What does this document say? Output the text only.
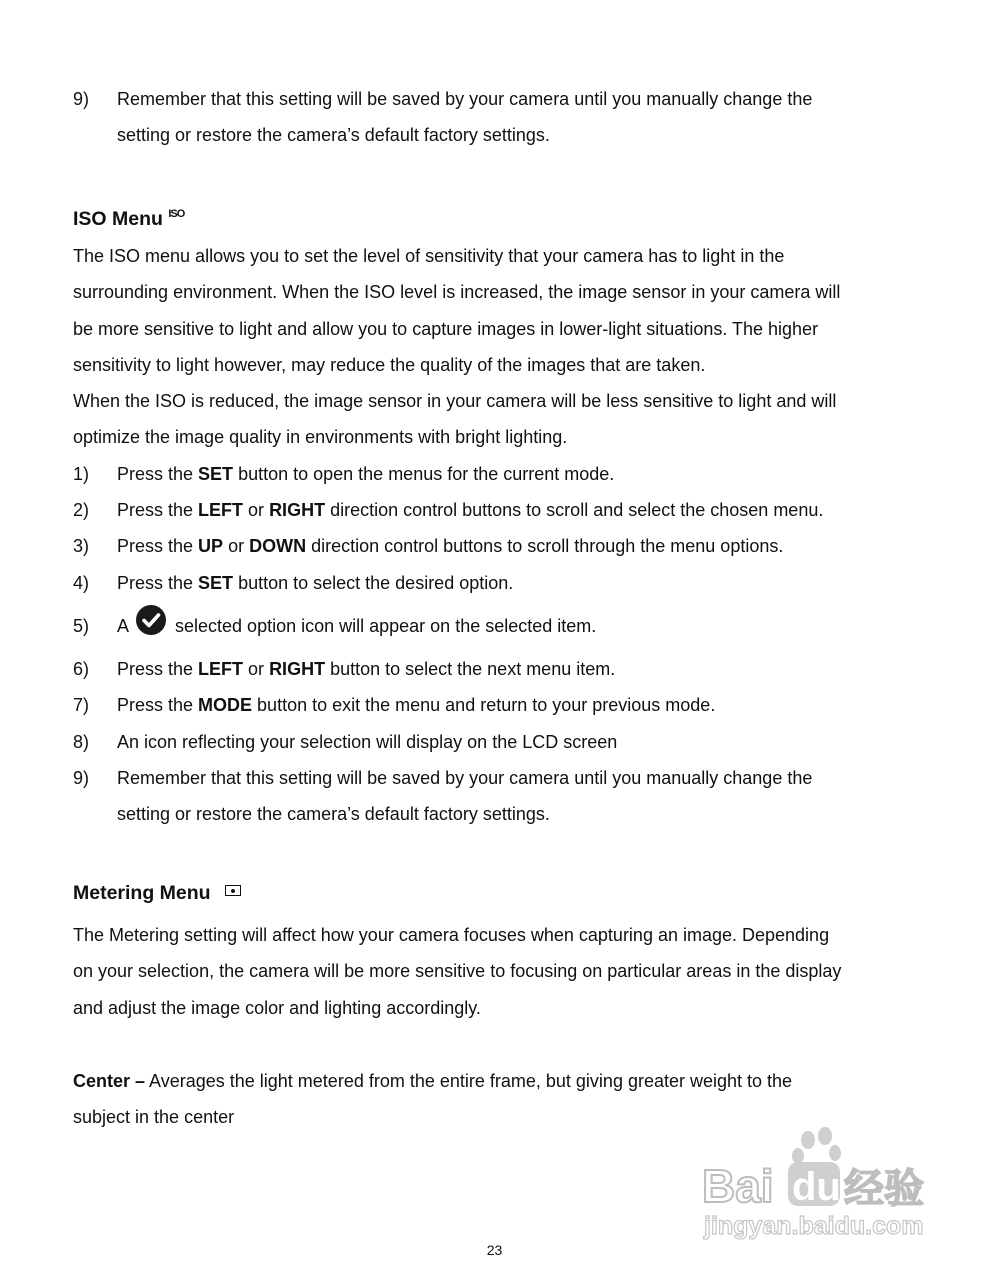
9) Remember that this setting will be saved by your camera until you manually change the
setting or restore the camera’s default factory settings.
ISO Menu $^{ISO}$
The ISO menu allows you to set the level of sensitivity that your camera has to light in the
surrounding environment. When the ISO level is increased, the image sensor in your camera will
be more sensitive to light and allow you to capture images in lower-light situations. The higher
sensitivity to light however, may reduce the quality of the images that are taken.
When the ISO is reduced, the image sensor in your camera will be less sensitive to light and will
optimize the image quality in environments with bright lighting.
1) Press the SET button to open the menus for the current mode.
2) Press the LEFT or RIGHT direction control buttons to scroll and select the chosen menu.
3) Press the UP or DOWN direction control buttons to scroll through the menu options.
4) Press the SET button to select the desired option.
5) A	selected option icon will appear on the selected item.
6) Press the LEFT or RIGHT button to select the next menu item.
7) Press the MODE button to exit the menu and return to your previous mode.
8) An icon reflecting your selection will display on the LCD screen
9) Remember that this setting will be saved by your camera until you manually change the
setting or restore the camera’s default factory settings.
Metering Menu
The Metering setting will affect how your camera focuses when capturing an image. Depending
on your selection, the camera will be more sensitive to focusing on particular areas in the display
and adjust the image color and lighting accordingly.
Center – Averages the light metered from the entire frame, but giving greater weight to the
subject in the center
Bai du 经验
jingyan.baidu.com
23
